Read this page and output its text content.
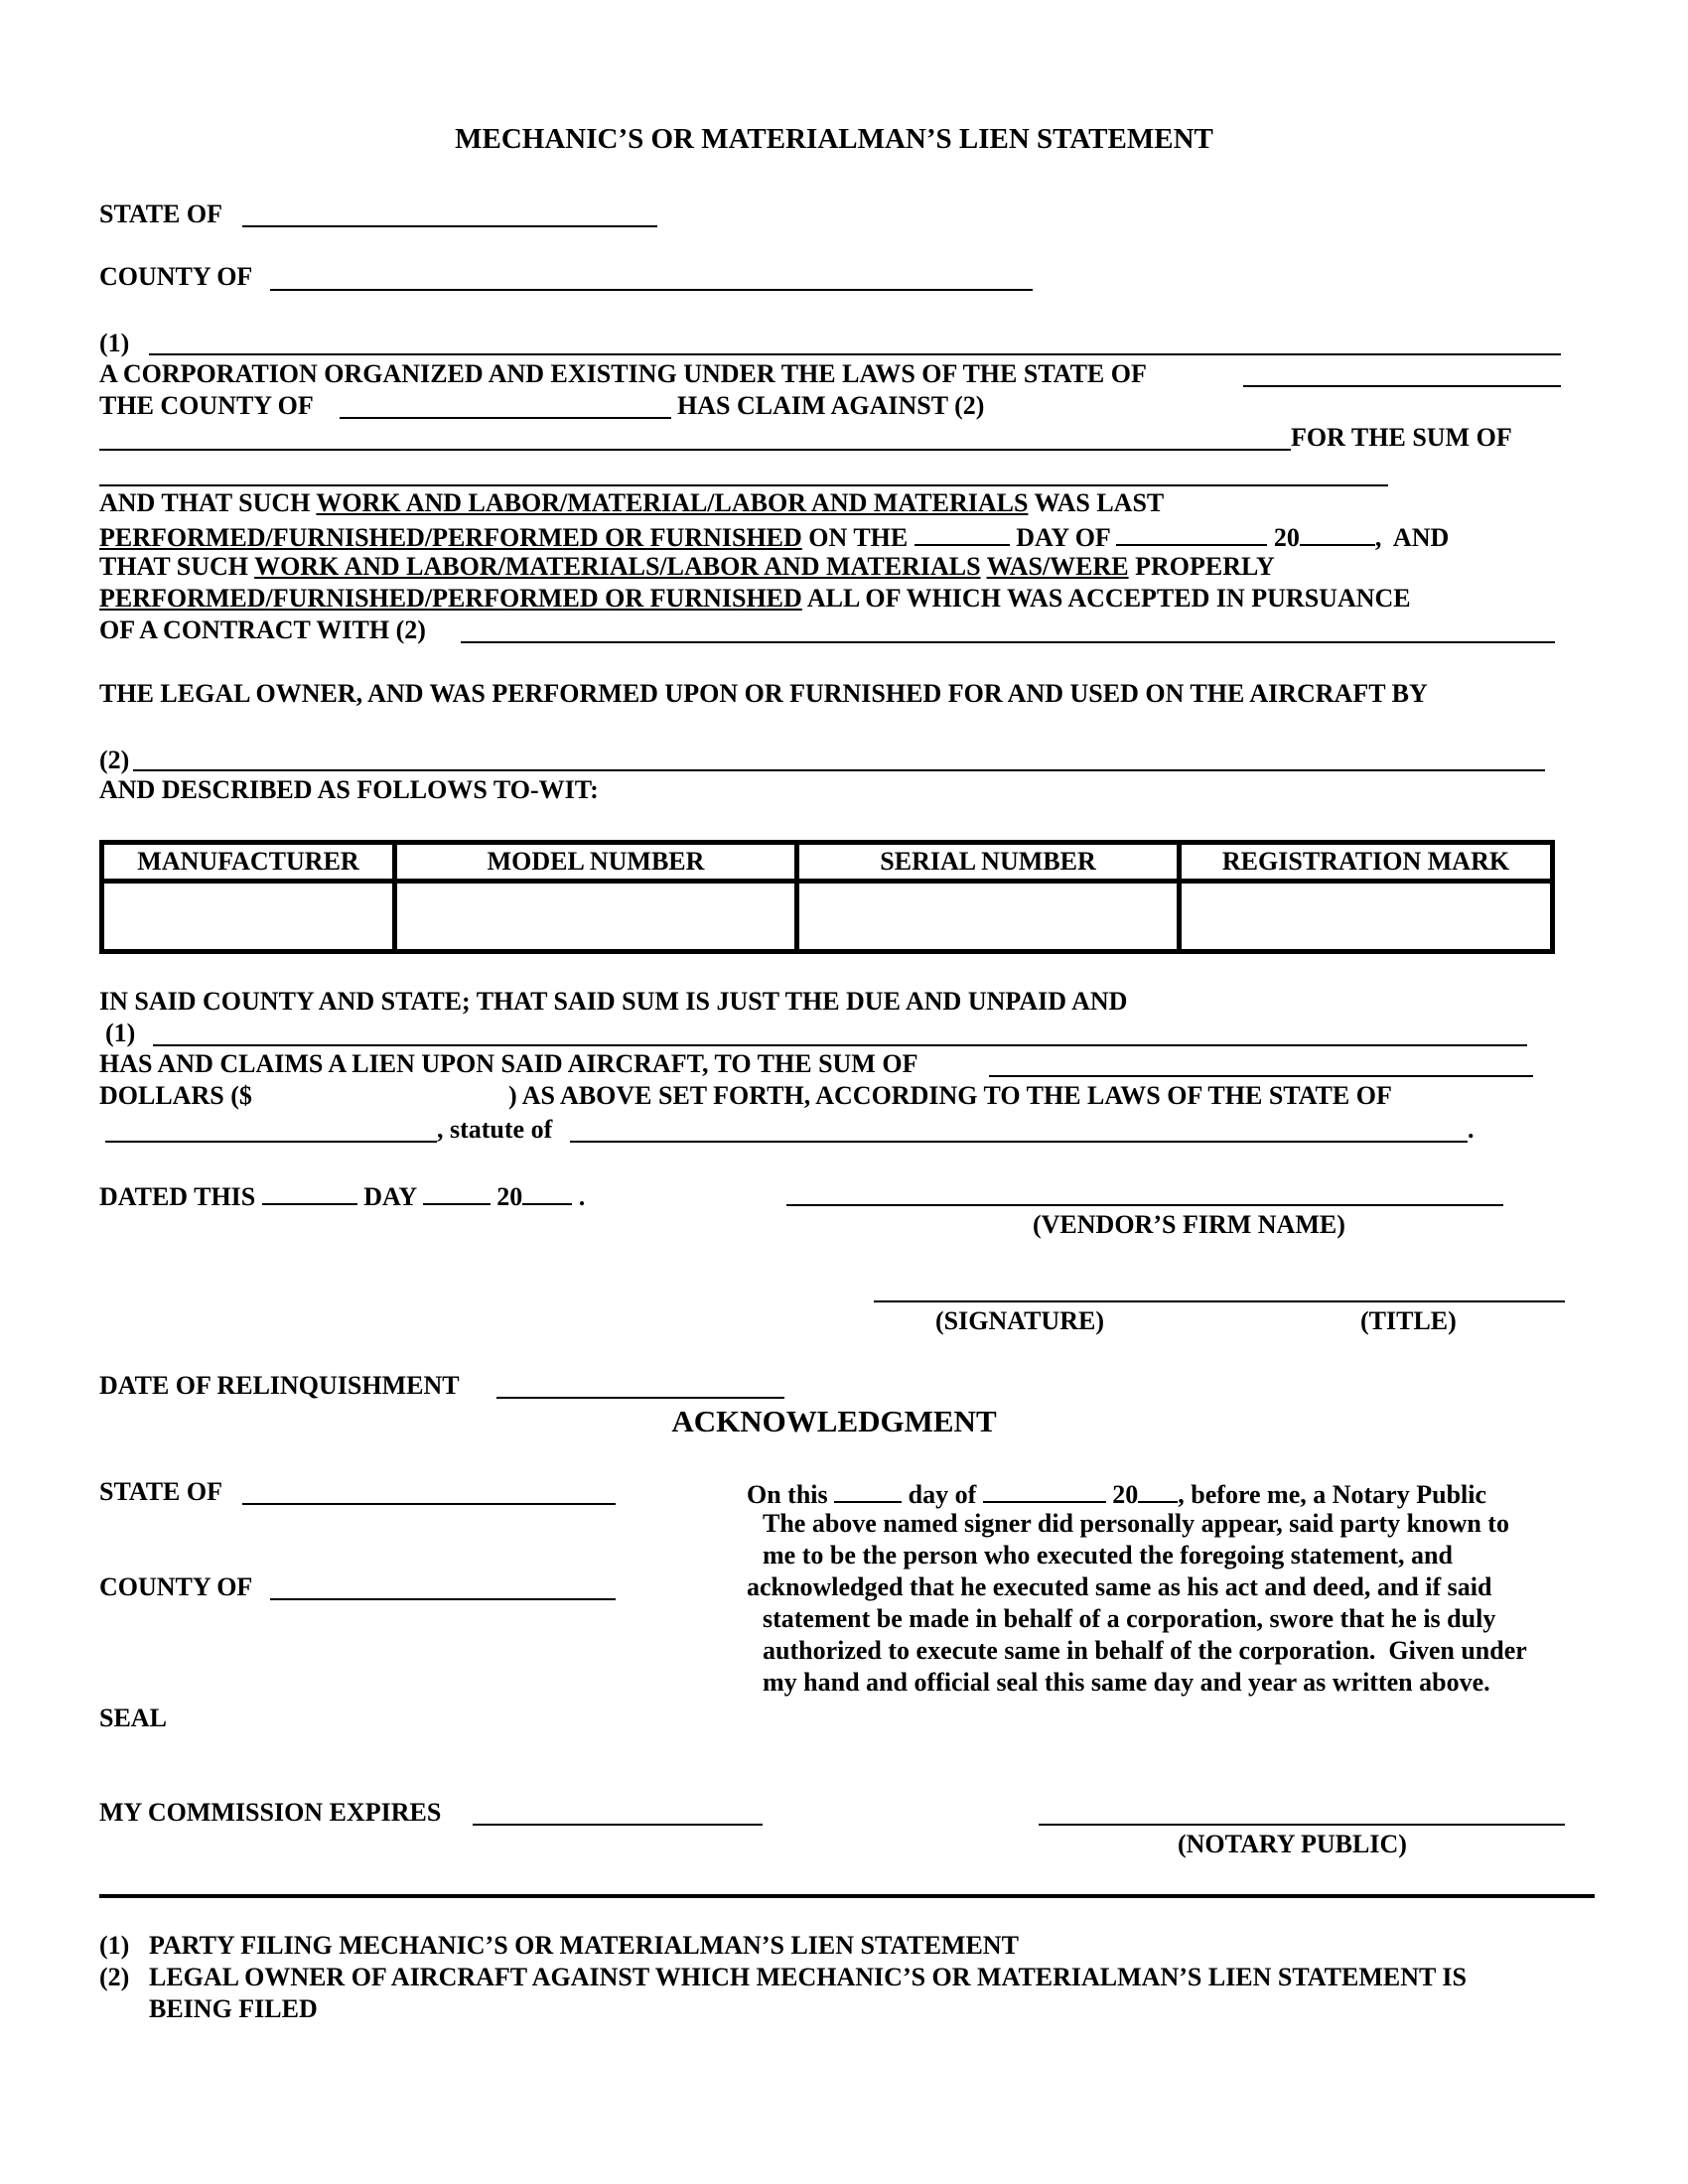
MECHANIC’S OR MATERIALMAN’S LIEN STATEMENT
STATE OF
COUNTY OF
(1)
A CORPORATION ORGANIZED AND EXISTING UNDER THE LAWS OF THE STATE OF
THE COUNTY OF	HAS CLAIM AGAINST (2)
FOR THE SUM OF
AND THAT SUCH WORK AND LABOR/MATERIAL/LABOR AND MATERIALS WAS LAST
PERFORMED/FURNISHED/PERFORMED OR FURNISHED ON THE	DAY OF	20	,  AND
THAT SUCH WORK AND LABOR/MATERIALS/LABOR AND MATERIALS WAS/WERE PROPERLY
PERFORMED/FURNISHED/PERFORMED OR FURNISHED ALL OF WHICH WAS ACCEPTED IN PURSUANCE
OF A CONTRACT WITH (2)
THE LEGAL OWNER, AND WAS PERFORMED UPON OR FURNISHED FOR AND USED ON THE AIRCRAFT BY
(2)
AND DESCRIBED AS FOLLOWS TO-WIT:
MANUFACTURER	MODEL NUMBER	SERIAL NUMBER	REGISTRATION MARK

IN SAID COUNTY AND STATE; THAT SAID SUM IS JUST THE DUE AND UNPAID AND
(1)
HAS AND CLAIMS A LIEN UPON SAID AIRCRAFT, TO THE SUM OF
DOLLARS ($	) AS ABOVE SET FORTH, ACCORDING TO THE LAWS OF THE STATE OF
, statute of	.
DATED THIS	DAY	20 .
(VENDOR’S FIRM NAME)
(SIGNATURE)	(TITLE)
DATE OF RELINQUISHMENT
ACKNOWLEDGMENT
STATE OF
COUNTY OF
SEAL
On this	day of	20 , before me, a Notary Public
The above named signer did personally appear, said party known to
me to be the person who executed the foregoing statement, and
acknowledged that he executed same as his act and deed, and if said
statement be made in behalf of a corporation, swore that he is duly
authorized to execute same in behalf of the corporation.  Given under
my hand and official seal this same day and year as written above.
MY COMMISSION EXPIRES
(NOTARY PUBLIC)
(1) PARTY FILING MECHANIC’S OR MATERIALMAN’S LIEN STATEMENT
(2) LEGAL OWNER OF AIRCRAFT AGAINST WHICH MECHANIC’S OR MATERIALMAN’S LIEN STATEMENT IS
BEING FILED
